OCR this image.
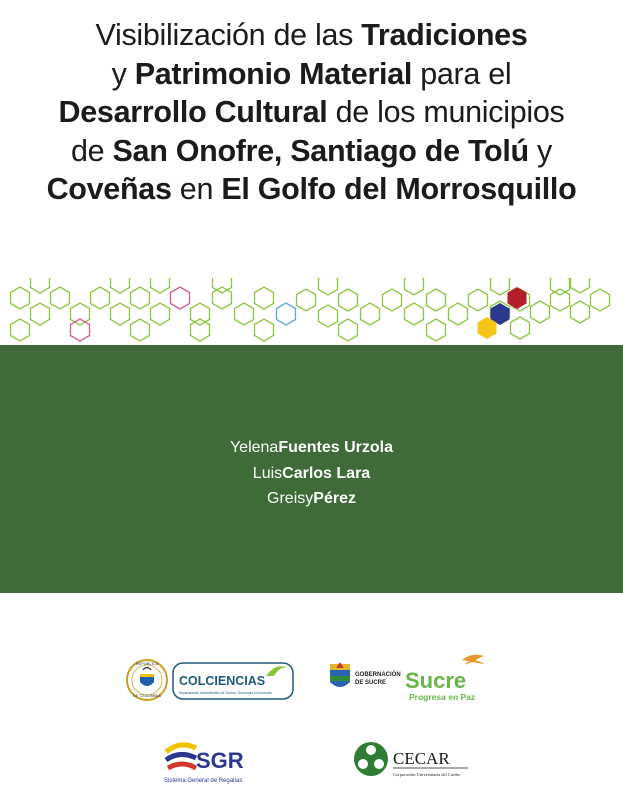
Visibilización de las Tradiciones
y Patrimonio Material para el
Desarrollo Cultural de los municipios
de San Onofre, Santiago de Tolú y
Coveñas en El Golfo del Morrosquillo
YelenaFuentes Urzola
LuisCarlos Lara
GreisyPérez
REPÚBLICA
DE COLOMBIA
COLCIENCIAS
Departamento Administrativo de Ciencia, Tecnología e Innovación
GOBERNACIÓN
DE SUCRE Sucre
Progresa en Paz
SGR
Sistema General de Regalías
CECAR
Corporación Universitaria del Caribe
